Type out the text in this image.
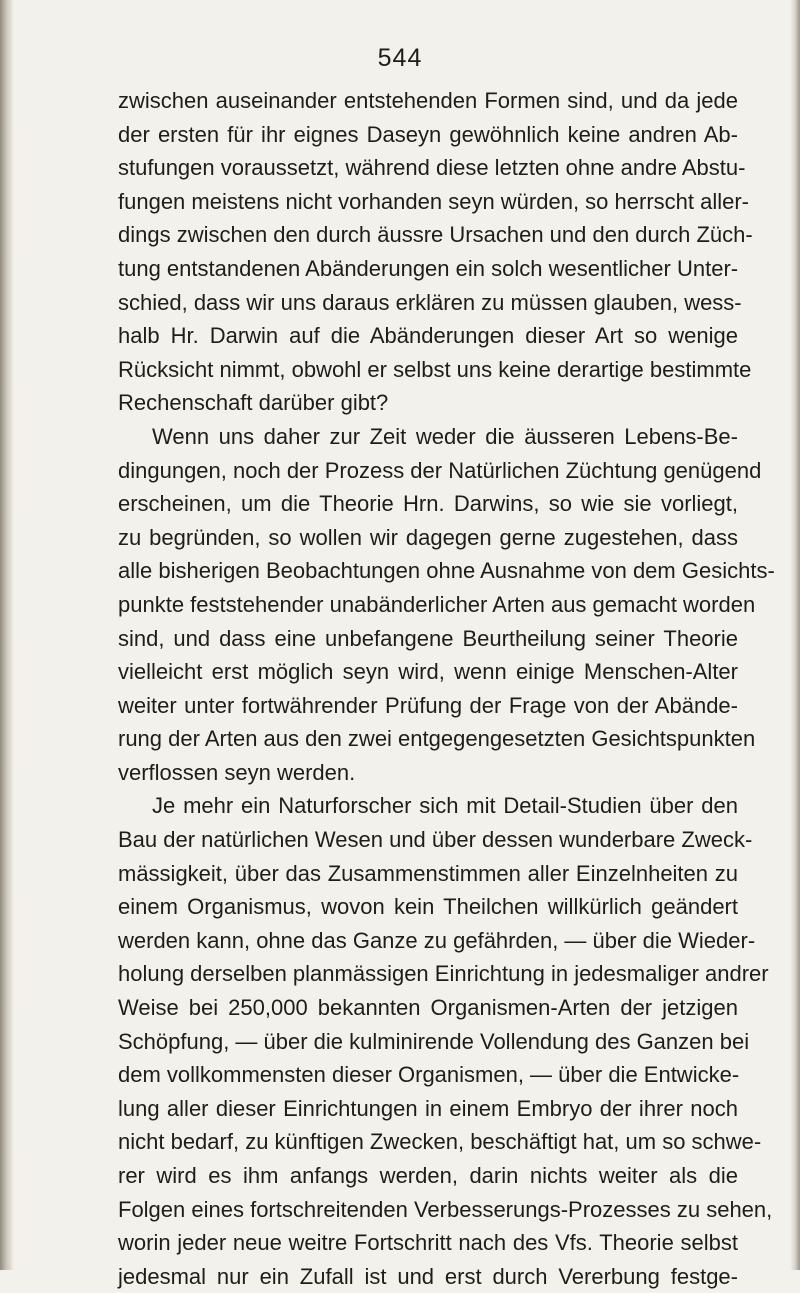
544
zwischen auseinander entstehenden Formen sind, und da jede
der ersten für ihr eignes Daseyn gewöhnlich keine andren Ab-
stufungen voraussetzt, während diese letzten ohne andre Abstu-
fungen meistens nicht vorhanden seyn würden, so herrscht aller-
dings zwischen den durch äussre Ursachen und den durch Züch-
tung entstandenen Abänderungen ein solch wesentlicher Unter-
schied, dass wir uns daraus erklären zu müssen glauben, wess-
halb Hr. Darwin auf die Abänderungen dieser Art so wenige
Rücksicht nimmt, obwohl er selbst uns keine derartige bestimmte
Rechenschaft darüber gibt?
Wenn uns daher zur Zeit weder die äusseren Lebens-Be-
dingungen, noch der Prozess der Natürlichen Züchtung genügend
erscheinen, um die Theorie Hrn. Darwins, so wie sie vorliegt,
zu begründen, so wollen wir dagegen gerne zugestehen, dass
alle bisherigen Beobachtungen ohne Ausnahme von dem Gesichts-
punkte feststehender unabänderlicher Arten aus gemacht worden
sind, und dass eine unbefangene Beurtheilung seiner Theorie
vielleicht erst möglich seyn wird, wenn einige Menschen-Alter
weiter unter fortwährender Prüfung der Frage von der Abände-
rung der Arten aus den zwei entgegengesetzten Gesichtspunkten
verflossen seyn werden.
Je mehr ein Naturforscher sich mit Detail-Studien über den
Bau der natürlichen Wesen und über dessen wunderbare Zweck-
mässigkeit, über das Zusammenstimmen aller Einzelnheiten zu
einem Organismus, wovon kein Theilchen willkürlich geändert
werden kann, ohne das Ganze zu gefährden, — über die Wieder-
holung derselben planmässigen Einrichtung in jedesmaliger andrer
Weise bei 250,000 bekannten Organismen-Arten der jetzigen
Schöpfung, — über die kulminirende Vollendung des Ganzen bei
dem vollkommensten dieser Organismen, — über die Entwicke-
lung aller dieser Einrichtungen in einem Embryo der ihrer noch
nicht bedarf, zu künftigen Zwecken, beschäftigt hat, um so schwe-
rer wird es ihm anfangs werden, darin nichts weiter als die
Folgen eines fortschreitenden Verbesserungs-Prozesses zu sehen,
worin jeder neue weitre Fortschritt nach des Vfs. Theorie selbst
jedesmal nur ein Zufall ist und erst durch Vererbung festge-
